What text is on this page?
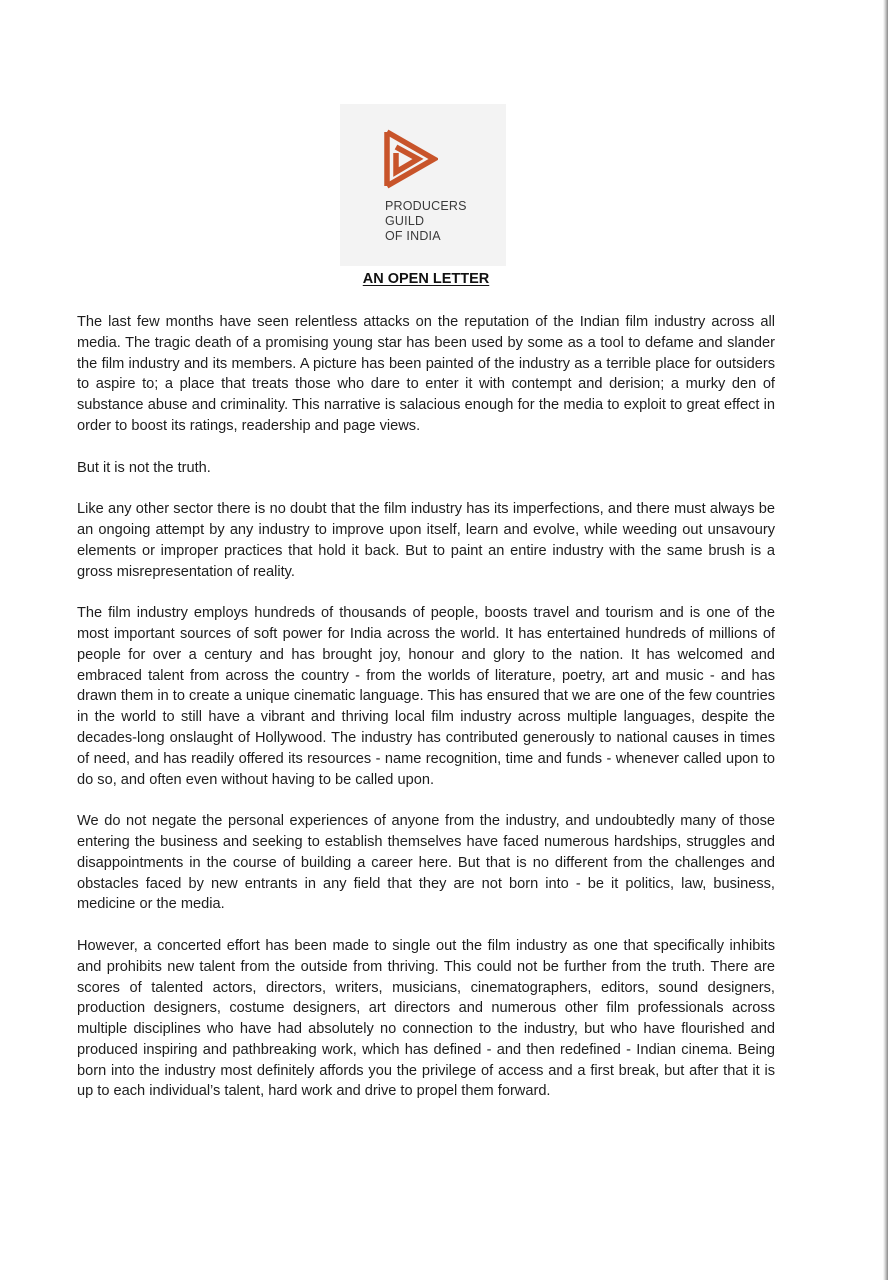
PRODUCERS
GUILD
OF INDIA
AN OPEN LETTER

The last few months have seen relentless attacks on the reputation of the Indian film industry across all media. The tragic death of a promising young star has been used by some as a tool to defame and slander the film industry and its members. A picture has been painted of the industry as a terrible place for outsiders to aspire to; a place that treats those who dare to enter it with contempt and derision; a murky den of substance abuse and criminality. This narrative is salacious enough for the media to exploit to great effect in order to boost its ratings, readership and page views.

But it is not the truth.

Like any other sector there is no doubt that the film industry has its imperfections, and there must always be an ongoing attempt by any industry to improve upon itself, learn and evolve, while weeding out unsavoury elements or improper practices that hold it back. But to paint an entire industry with the same brush is a gross misrepresentation of reality.

The film industry employs hundreds of thousands of people, boosts travel and tourism and is one of the most important sources of soft power for India across the world. It has entertained hundreds of millions of people for over a century and has brought joy, honour and glory to the nation. It has welcomed and embraced talent from across the country - from the worlds of literature, poetry, art and music - and has drawn them in to create a unique cinematic language. This has ensured that we are one of the few countries in the world to still have a vibrant and thriving local film industry across multiple languages, despite the decades-long onslaught of Hollywood. The industry has contributed generously to national causes in times of need, and has readily offered its resources - name recognition, time and funds - whenever called upon to do so, and often even without having to be called upon.

We do not negate the personal experiences of anyone from the industry, and undoubtedly many of those entering the business and seeking to establish themselves have faced numerous hardships, struggles and disappointments in the course of building a career here. But that is no different from the challenges and obstacles faced by new entrants in any field that they are not born into - be it politics, law, business, medicine or the media.

However, a concerted effort has been made to single out the film industry as one that specifically inhibits and prohibits new talent from the outside from thriving. This could not be further from the truth. There are scores of talented actors, directors, writers, musicians, cinematographers, editors, sound designers, production designers, costume designers, art directors and numerous other film professionals across multiple disciplines who have had absolutely no connection to the industry, but who have flourished and produced inspiring and pathbreaking work, which has defined - and then redefined - Indian cinema. Being born into the industry most definitely affords you the privilege of access and a first break, but after that it is up to each individual’s talent, hard work and drive to propel them forward.
